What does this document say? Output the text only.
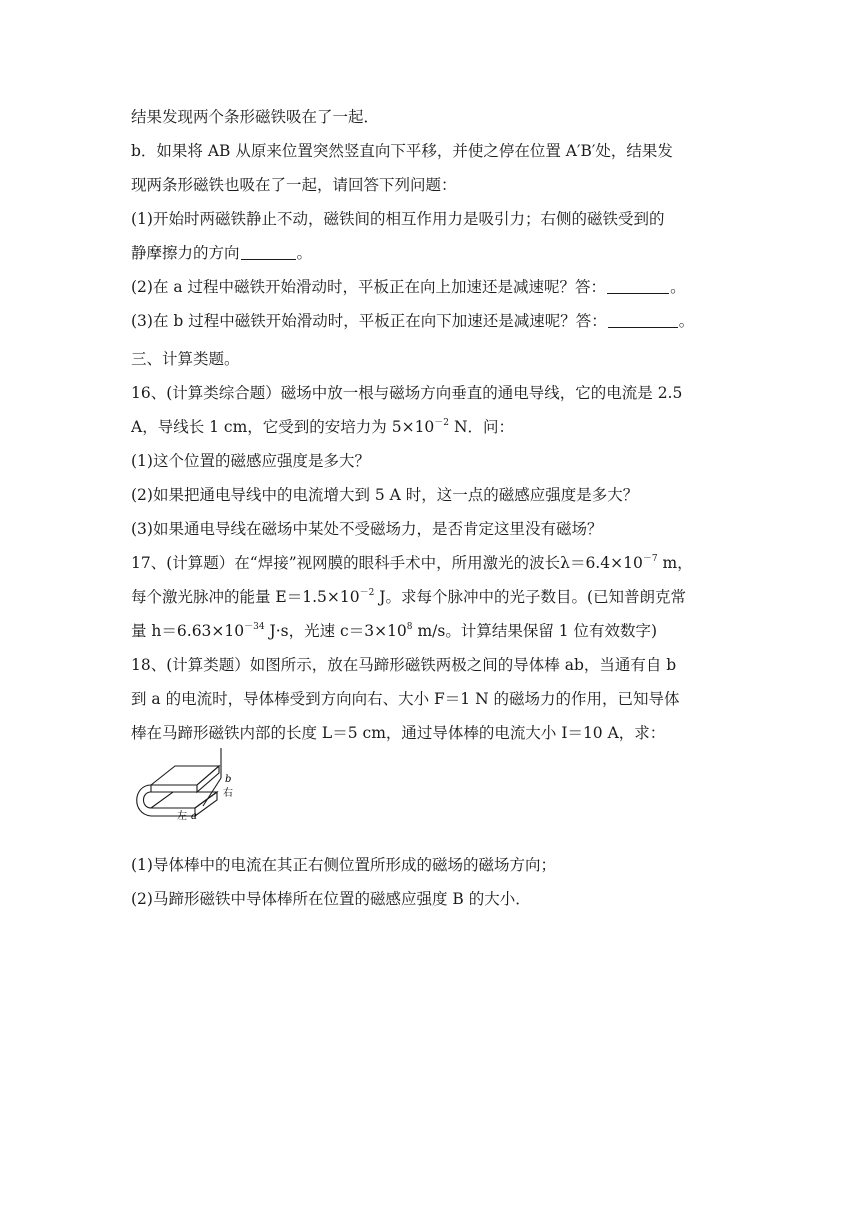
结果发现两个条形磁铁吸在了一起．
b．如果将 AB 从原来位置突然竖直向下平移，并使之停在位置 A′B′处，结果发
现两条形磁铁也吸在了一起，请回答下列问题：
(1)开始时两磁铁静止不动，磁铁间的相互作用力是吸引力；右侧的磁铁受到的
静摩擦力的方向	。
(2)在 a 过程中磁铁开始滑动时，平板正在向上加速还是减速呢？答：	。
(3)在 b 过程中磁铁开始滑动时，平板正在向下加速还是减速呢？答：	。
三、计算类题。
16、(计算类综合题）磁场中放一根与磁场方向垂直的通电导线，它的电流是 2.5
A，导线长 1 cm，它受到的安培力为 $5\times 10^{-2}$ N．问：
(1)这个位置的磁感应强度是多大？
(2)如果把通电导线中的电流增大到 5 A 时，这一点的磁感应强度是多大？
(3)如果通电导线在磁场中某处不受磁场力，是否肯定这里没有磁场？
17、(计算题）在“焊接”视网膜的眼科手术中，所用激光的波长$\lambda=6.4\times 10^{-7}$ m，
每个激光脉冲的能量 $E=1.5\times 10^{-2}$ J。求每个脉冲中的光子数目。(已知普朗克常
量 $h=6.63\times 10^{-34}$ J·s，光速 $c=3\times 10^8$ m/s。计算结果保留 1 位有效数字)
18、(计算类题）如图所示，放在马蹄形磁铁两极之间的导体棒 ab，当通有自 b
到 a 的电流时，导体棒受到方向向右、大小 F＝1 N 的磁场力的作用，已知导体
棒在马蹄形磁铁内部的长度 L＝5 cm，通过导体棒的电流大小 I＝10 A，求：
(1)导体棒中的电流在其正右侧位置所形成的磁场的磁场方向；
(2)马蹄形磁铁中导体棒所在位置的磁感应强度 B 的大小．
b
右
左 a
